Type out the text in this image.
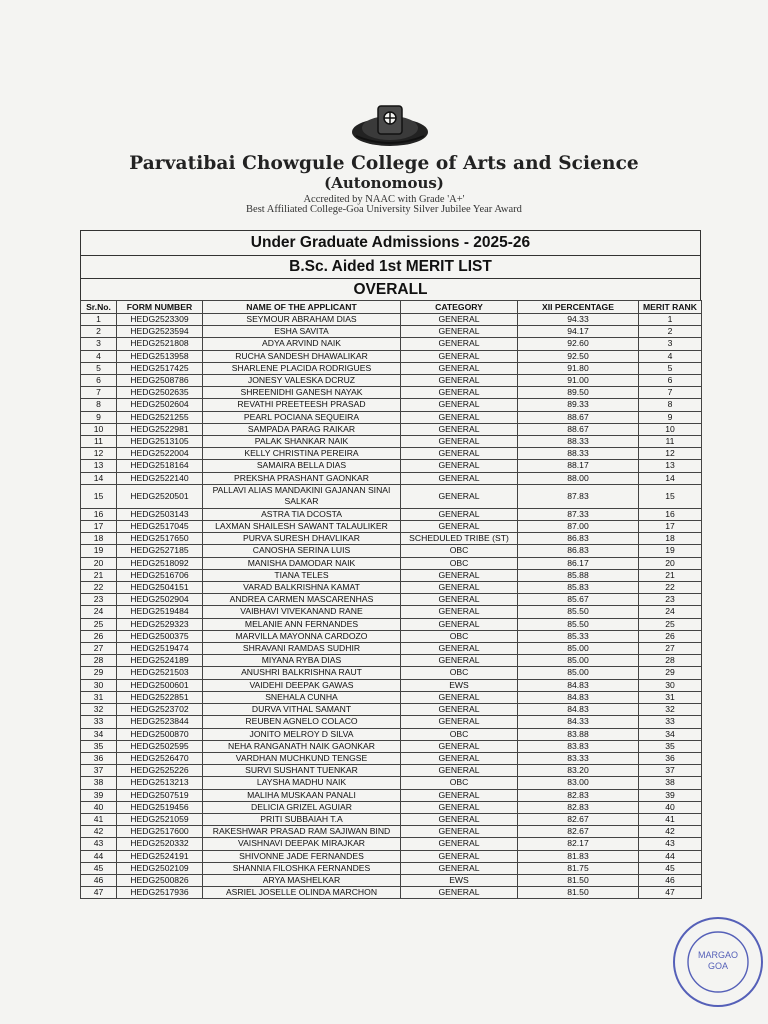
Parvatibai Chowgule College of Arts and Science
(Autonomous)
Accredited by NAAC with Grade 'A+'
Best Affiliated College-Goa University Silver Jubilee Year Award
Under Graduate Admissions - 2025-26
B.Sc. Aided 1st MERIT LIST
OVERALL
Sr.No.	FORM NUMBER	NAME OF THE APPLICANT	CATEGORY	XII PERCENTAGE	MERIT RANK
1	HEDG2523309	SEYMOUR ABRAHAM DIAS	GENERAL	94.33	1
2	HEDG2523594	ESHA SAVITA	GENERAL	94.17	2
3	HEDG2521808	ADYA ARVIND NAIK	GENERAL	92.60	3
4	HEDG2513958	RUCHA SANDESH DHAWALIKAR	GENERAL	92.50	4
5	HEDG2517425	SHARLENE PLACIDA RODRIGUES	GENERAL	91.80	5
6	HEDG2508786	JONESY VALESKA DCRUZ	GENERAL	91.00	6
7	HEDG2502635	SHREENIDHI GANESH NAYAK	GENERAL	89.50	7
8	HEDG2502604	REVATHI PREETEESH PRASAD	GENERAL	89.33	8
9	HEDG2521255	PEARL POCIANA SEQUEIRA	GENERAL	88.67	9
10	HEDG2522981	SAMPADA PARAG RAIKAR	GENERAL	88.67	10
11	HEDG2513105	PALAK SHANKAR NAIK	GENERAL	88.33	11
12	HEDG2522004	KELLY CHRISTINA PEREIRA	GENERAL	88.33	12
13	HEDG2518164	SAMAIRA BELLA DIAS	GENERAL	88.17	13
14	HEDG2522140	PREKSHA PRASHANT GAONKAR	GENERAL	88.00	14
15	HEDG2520501	PALLAVI ALIAS MANDAKINI GAJANAN SINAI SALKAR	GENERAL	87.83	15
16	HEDG2503143	ASTRA TIA DCOSTA	GENERAL	87.33	16
17	HEDG2517045	LAXMAN SHAILESH SAWANT TALAULIKER	GENERAL	87.00	17
18	HEDG2517650	PURVA SURESH DHAVLIKAR	SCHEDULED TRIBE (ST)	86.83	18
19	HEDG2527185	CANOSHA SERINA LUIS	OBC	86.83	19
20	HEDG2518092	MANISHA DAMODAR NAIK	OBC	86.17	20
21	HEDG2516706	TIANA TELES	GENERAL	85.88	21
22	HEDG2504151	VARAD BALKRISHNA KAMAT	GENERAL	85.83	22
23	HEDG2502904	ANDREA CARMEN MASCARENHAS	GENERAL	85.67	23
24	HEDG2519484	VAIBHAVI VIVEKANAND RANE	GENERAL	85.50	24
25	HEDG2529323	MELANIE ANN FERNANDES	GENERAL	85.50	25
26	HEDG2500375	MARVILLA MAYONNA CARDOZO	OBC	85.33	26
27	HEDG2519474	SHRAVANI RAMDAS SUDHIR	GENERAL	85.00	27
28	HEDG2524189	MIYANA RYBA DIAS	GENERAL	85.00	28
29	HEDG2521503	ANUSHRI BALKRISHNA RAUT	OBC	85.00	29
30	HEDG2500601	VAIDEHI DEEPAK GAWAS	EWS	84.83	30
31	HEDG2522851	SNEHALA CUNHA	GENERAL	84.83	31
32	HEDG2523702	DURVA VITHAL SAMANT	GENERAL	84.83	32
33	HEDG2523844	REUBEN AGNELO COLACO	GENERAL	84.33	33
34	HEDG2500870	JONITO MELROY D SILVA	OBC	83.88	34
35	HEDG2502595	NEHA RANGANATH NAIK GAONKAR	GENERAL	83.83	35
36	HEDG2526470	VARDHAN MUCHKUND TENGSE	GENERAL	83.33	36
37	HEDG2525226	SURVI SUSHANT TUENKAR	GENERAL	83.20	37
38	HEDG2513213	LAYSHA MADHU NAIK	OBC	83.00	38
39	HEDG2507519	MALIHA MUSKAAN PANALI	GENERAL	82.83	39
40	HEDG2519456	DELICIA GRIZEL AGUIAR	GENERAL	82.83	40
41	HEDG2521059	PRITI SUBBAIAH T.A	GENERAL	82.67	41
42	HEDG2517600	RAKESHWAR PRASAD RAM SAJIWAN BIND	GENERAL	82.67	42
43	HEDG2520332	VAISHNAVI DEEPAK MIRAJKAR	GENERAL	82.17	43
44	HEDG2524191	SHIVONNE JADE FERNANDES	GENERAL	81.83	44
45	HEDG2502109	SHANNIA FILOSHKA FERNANDES	GENERAL	81.75	45
46	HEDG2500826	ARYA MASHELKAR	EWS	81.50	46
47	HEDG2517936	ASRIEL JOSELLE OLINDA MARCHON	GENERAL	81.50	47
MARGAO
GOA
